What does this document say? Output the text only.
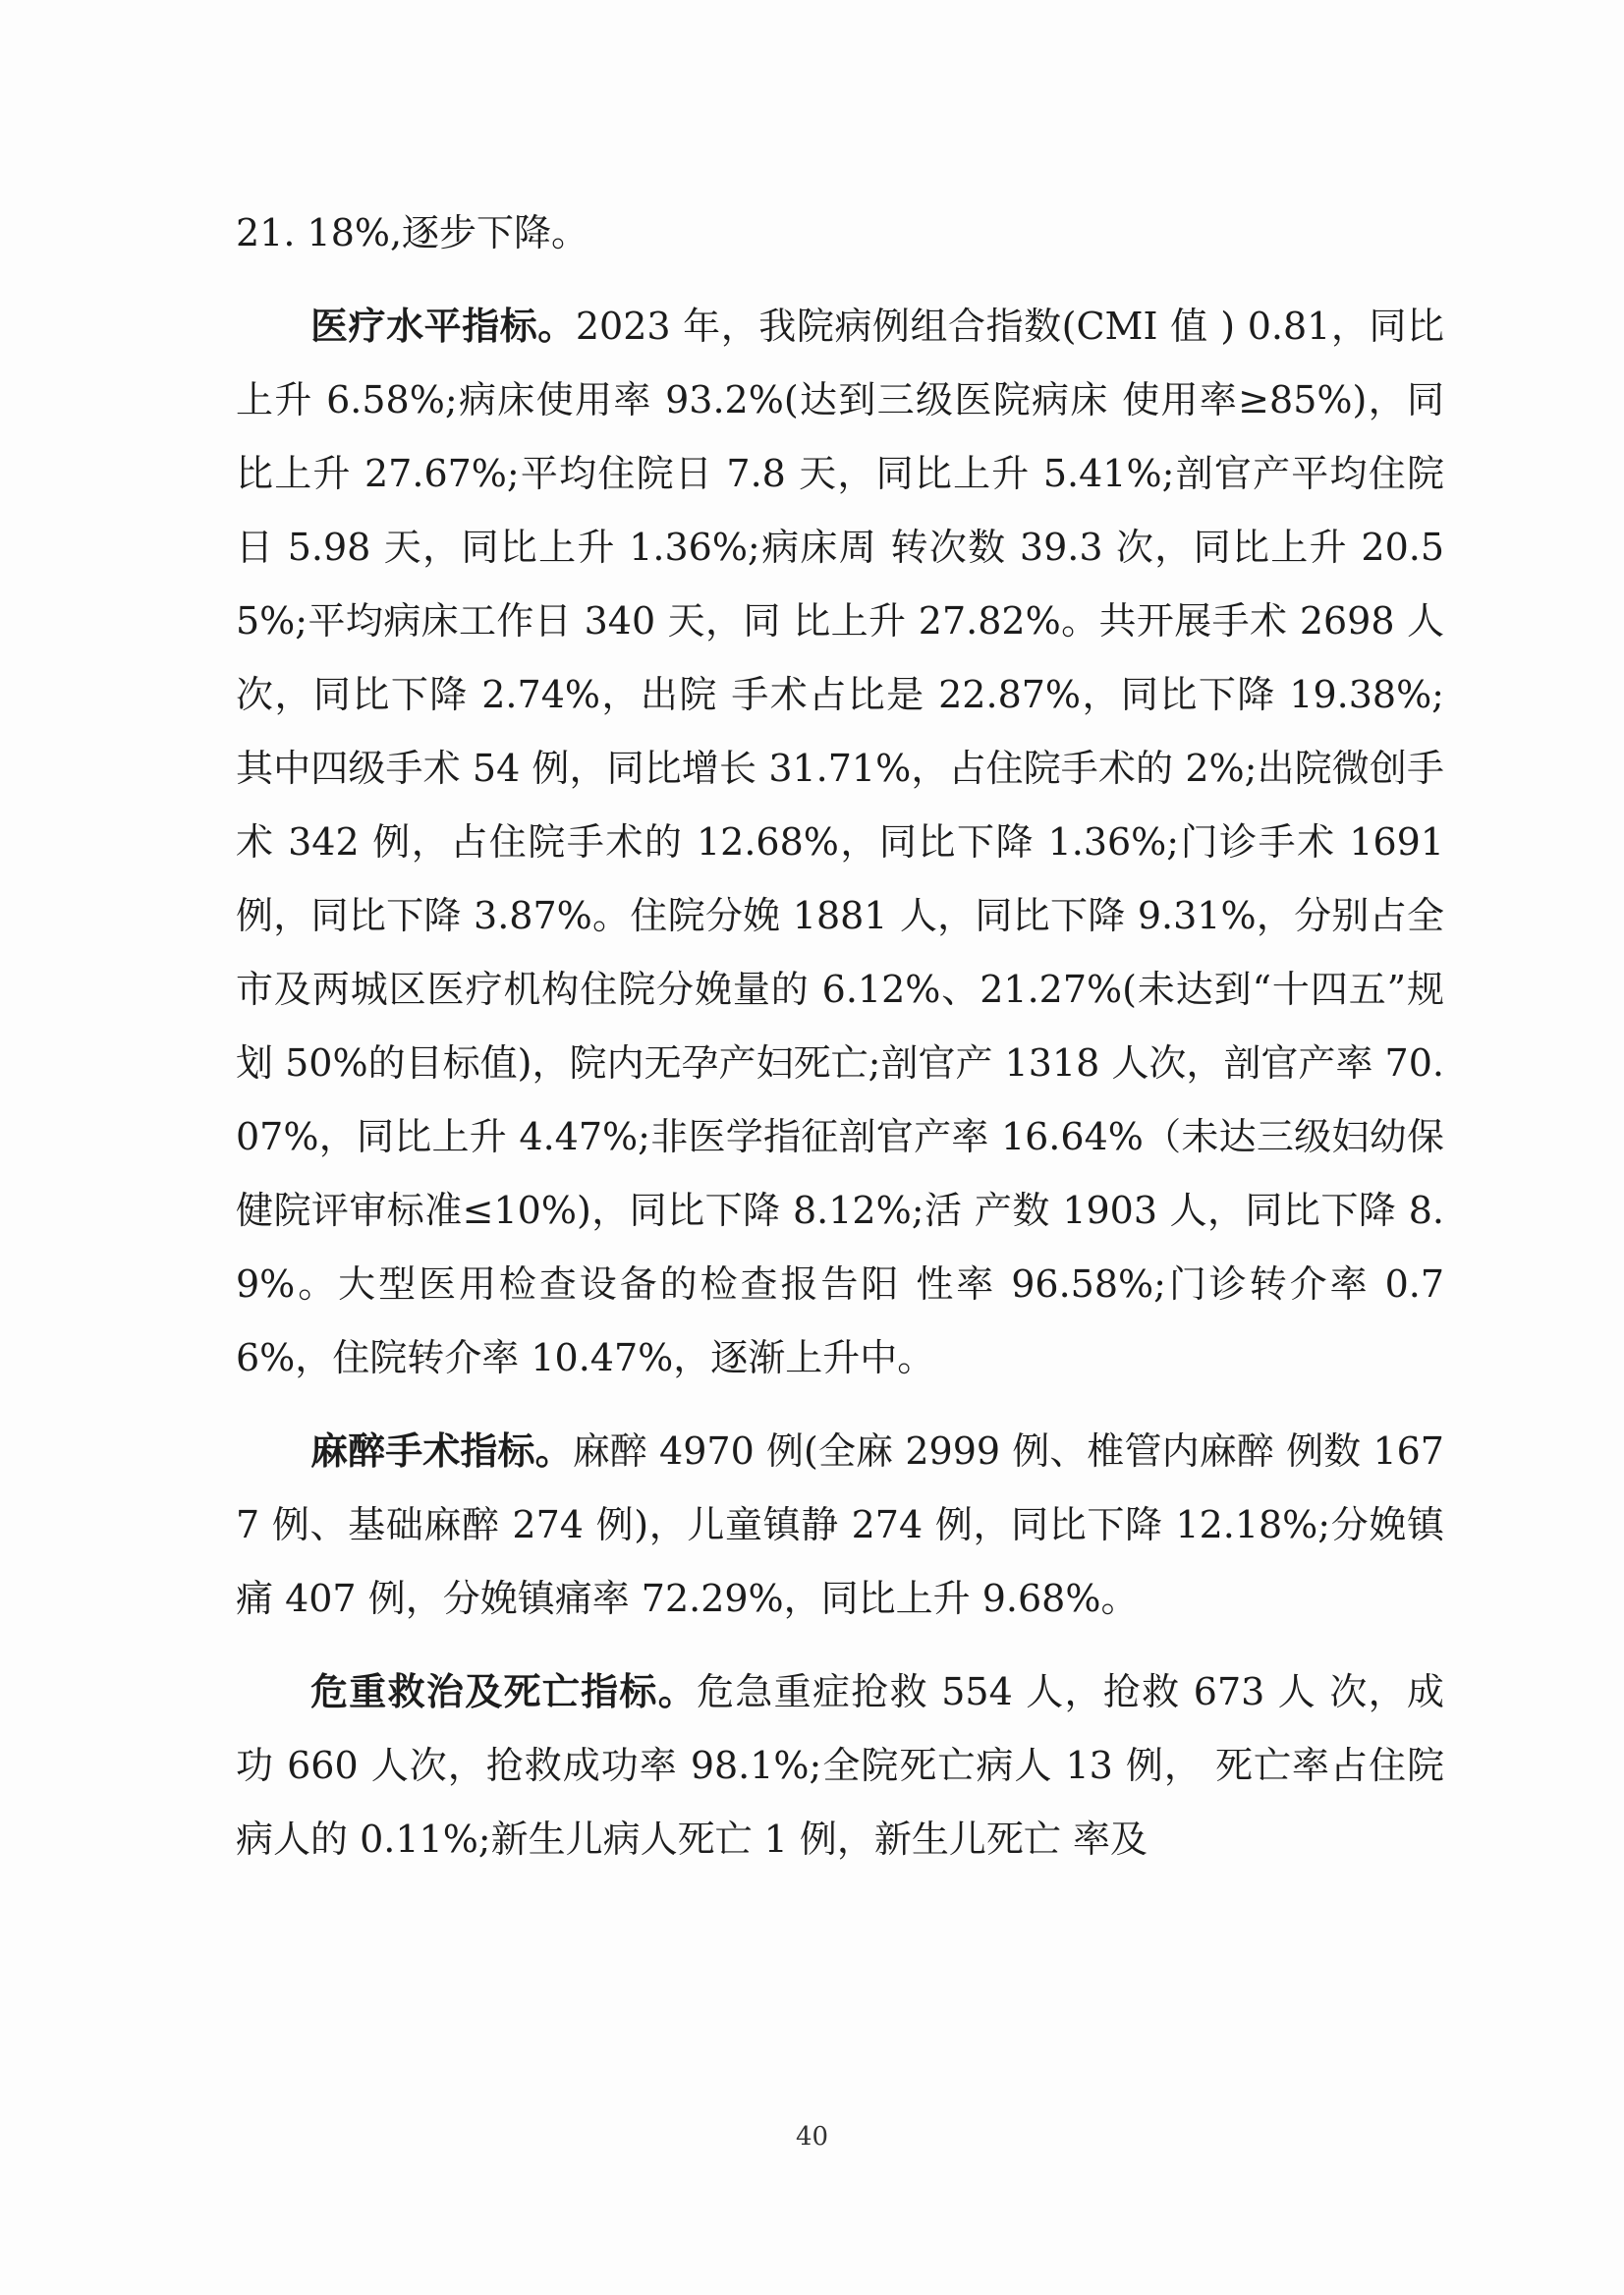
21. 18%,逐步下降。

医疗水平指标。2023 年，我院病例组合指数(CMI 值 ) 0.81，同比上升 6.58%;病床使用率 93.2%(达到三级医院病床 使用率≥85%)，同比上升 27.67%;平均住院日 7.8 天，同比上升 5.41%;剖官产平均住院日 5.98 天，同比上升 1.36%;病床周 转次数 39.3 次，同比上升 20.55%;平均病床工作日 340 天，同 比上升 27.82%。共开展手术 2698 人次，同比下降 2.74%，出院 手术占比是 22.87%，同比下降 19.38%;其中四级手术 54 例，同比增长 31.71%，占住院手术的 2%;出院微创手术 342 例，占住院手术的 12.68%，同比下降 1.36%;门诊手术 1691 例，同比下降 3.87%。住院分娩 1881 人，同比下降 9.31%，分别占全市及两城区医疗机构住院分娩量的 6.12%、21.27%(未达到“十四五”规划 50%的目标值)，院内无孕产妇死亡;剖官产 1318 人次，剖官产率 70.07%，同比上升 4.47%;非医学指征剖官产率 16.64%（未达三级妇幼保健院评审标准≤10%)，同比下降 8.12%;活 产数 1903 人，同比下降 8.9%。大型医用检查设备的检查报告阳 性率 96.58%;门诊转介率 0.76%，住院转介率 10.47%，逐渐上升中。

麻醉手术指标。麻醉 4970 例(全麻 2999 例、椎管内麻醉 例数 1677 例、基础麻醉 274 例)，儿童镇静 274 例，同比下降 12.18%;分娩镇痛 407 例，分娩镇痛率 72.29%，同比上升 9.68%。

危重救治及死亡指标。危急重症抢救 554 人，抢救 673 人 次，成功 660 人次，抢救成功率 98.1%;全院死亡病人 13 例， 死亡率占住院病人的 0.11%;新生儿病人死亡 1 例，新生儿死亡 率及

40
